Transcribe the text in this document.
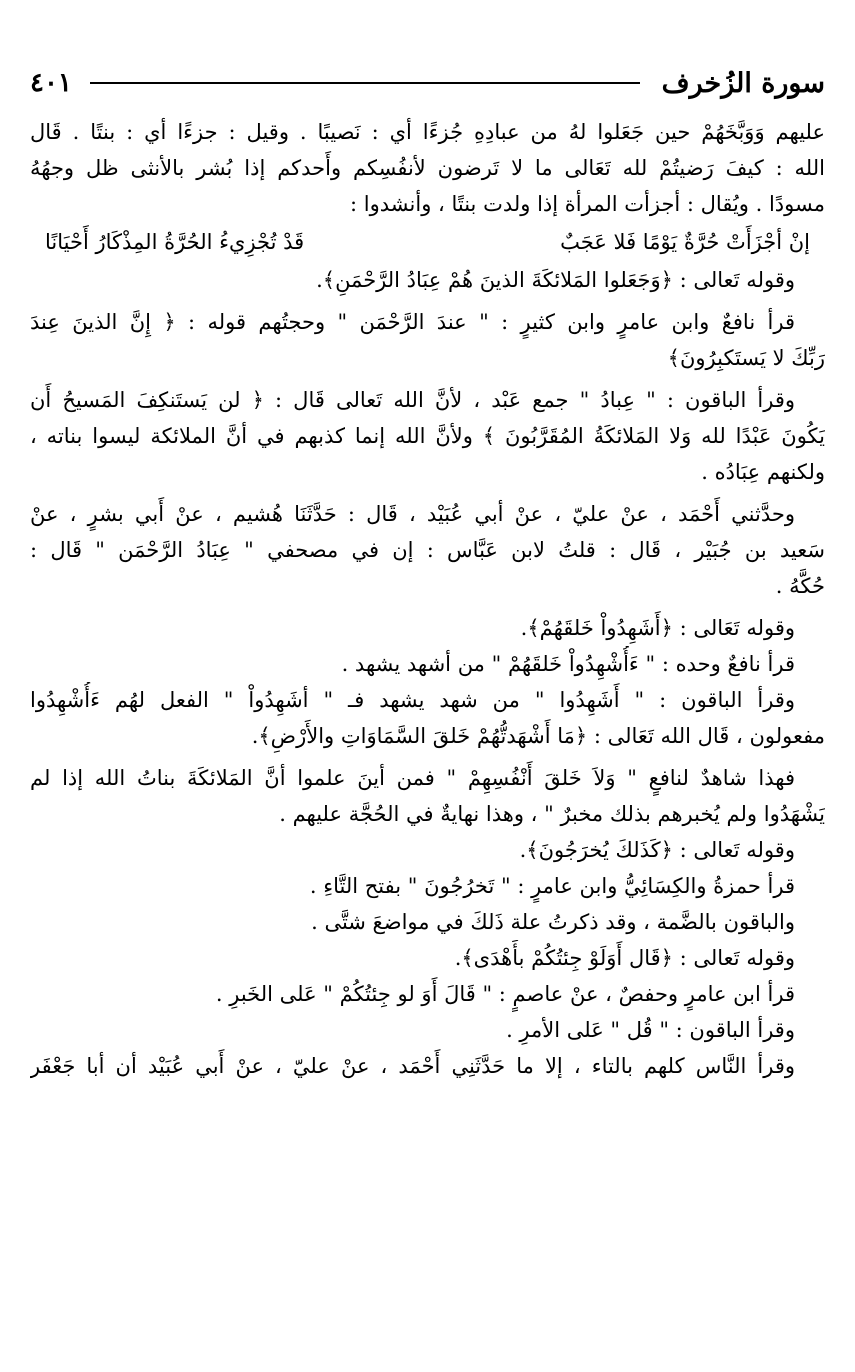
سورة الزُخرف
٤٠١
عليهم وَوَبَّخَهُمْ حين جَعَلوا لهُ من عبادِهِ جُزءًا أي : نَصيبًا . وقيل : جزءًا أي : بنتًا . قَال
الله : كيفَ رَضيتُمْ لله تَعَالى ما لا تَرضون لأنفُسِكم وأَحدكم إذا بُشر بالأنثى ظل وجهُهُ
مسودًا . ويُقال : أجزأت المرأة إذا ولدت بنتًا ، وأنشدوا :
إنْ أجْزَأَتْ حُرَّةٌ يَوْمًا فَلا عَجَبٌ
قَدْ تُجْزِيءُ الحُرَّةُ المِذْكَارُ أَحْيَانًا
وقوله تَعالى : ﴿وَجَعَلوا المَلائكَةَ الذينَ هُمْ عِبَادُ الرَّحْمَنِ﴾.
قرأ نافعٌ وابن عامرٍ وابن كثيرٍ : " عندَ الرَّحْمَن " وحجتُهم قوله : ﴿ إِنَّ الذينَ عِندَ
رَبِّكَ لا يَستَكبِرُونَ﴾
وقرأ الباقون : " عِبادُ " جمع عَبْد ، لأنَّ الله تَعالى قَال : ﴿ لن يَستَنكِفَ المَسيحُ أَن
يَكُونَ عَبْدًا لله وَلا المَلائكَةُ المُقَرَّبُونَ ﴾ ولأنَّ الله إنما كذبهم في أنَّ الملائكة ليسوا بناته ،
ولكنهم عِبَادُه .
وحدَّثني أَحْمَد ، عنْ عليّ ، عنْ أبي عُبَيْد ، قَال : حَدَّثَنَا هُشيم ، عنْ أَبي بشرٍ ، عنْ
سَعيد بن جُبَيْر ، قَال : قلتُ لابن عَبَّاس : إن في مصحفي " عِبَادُ الرَّحْمَن " قَال :
حُكَّهُ .
وقوله تَعَالى : ﴿أَشَهِدُواْ خَلقَهُمْ﴾.
قرأ نافعٌ وحده : " ءَأُشْهِدُواْ خَلقَهُمْ " من أشهد يشهد .
وقرأ الباقون : " أَشَهِدُوا " من شهد يشهد فـ " أشَهِدُواْ " الفعل لهُم ءَأُشْهِدُوا
مفعولون ، قَال الله تَعَالى : ﴿مَا أَشْهَدتُّهُمْ خَلقَ السَّمَاوَاتِ والأَرْضِ﴾.
فهذا شاهدٌ لنافعٍ " وَلاَ خَلقَ أَنْفُسِهِمْ " فمن أينَ علموا أنَّ المَلائكَةَ بناتُ الله إذا لم
يَشْهَدُوا ولم يُخبرهم بذلك مخبرٌ " ، وهذا نهايةٌ في الحُجَّة عليهم .
وقوله تَعالى : ﴿كَذَلكَ يُخرَجُونَ﴾.
قرأ حمزةُ والكِسَائِيُّ وابن عامرٍ : " تَخرُجُونَ " بفتح التَّاءِ .
والباقون بالضَّمة ، وقد ذكرتُ علة ذَلكَ في مواضعَ شتَّى .
وقوله تَعالى : ﴿قَال أَوَلَوْ جِئتُكُمْ بأَهْدَى﴾.
قرأ ابن عامرٍ وحفصٌ ، عنْ عاصمٍ : " قَالَ أَوَ لو جِئتُكُمْ " عَلى الخَبرِ .
وقرأ الباقون : " قُل " عَلى الأمرِ .
وقرأ النَّاس كلهم بالتاء ، إلا ما حَدَّثَنِي أَحْمَد ، عنْ عليّ ، عنْ أَبي عُبَيْد أن أبا جَعْفَر
